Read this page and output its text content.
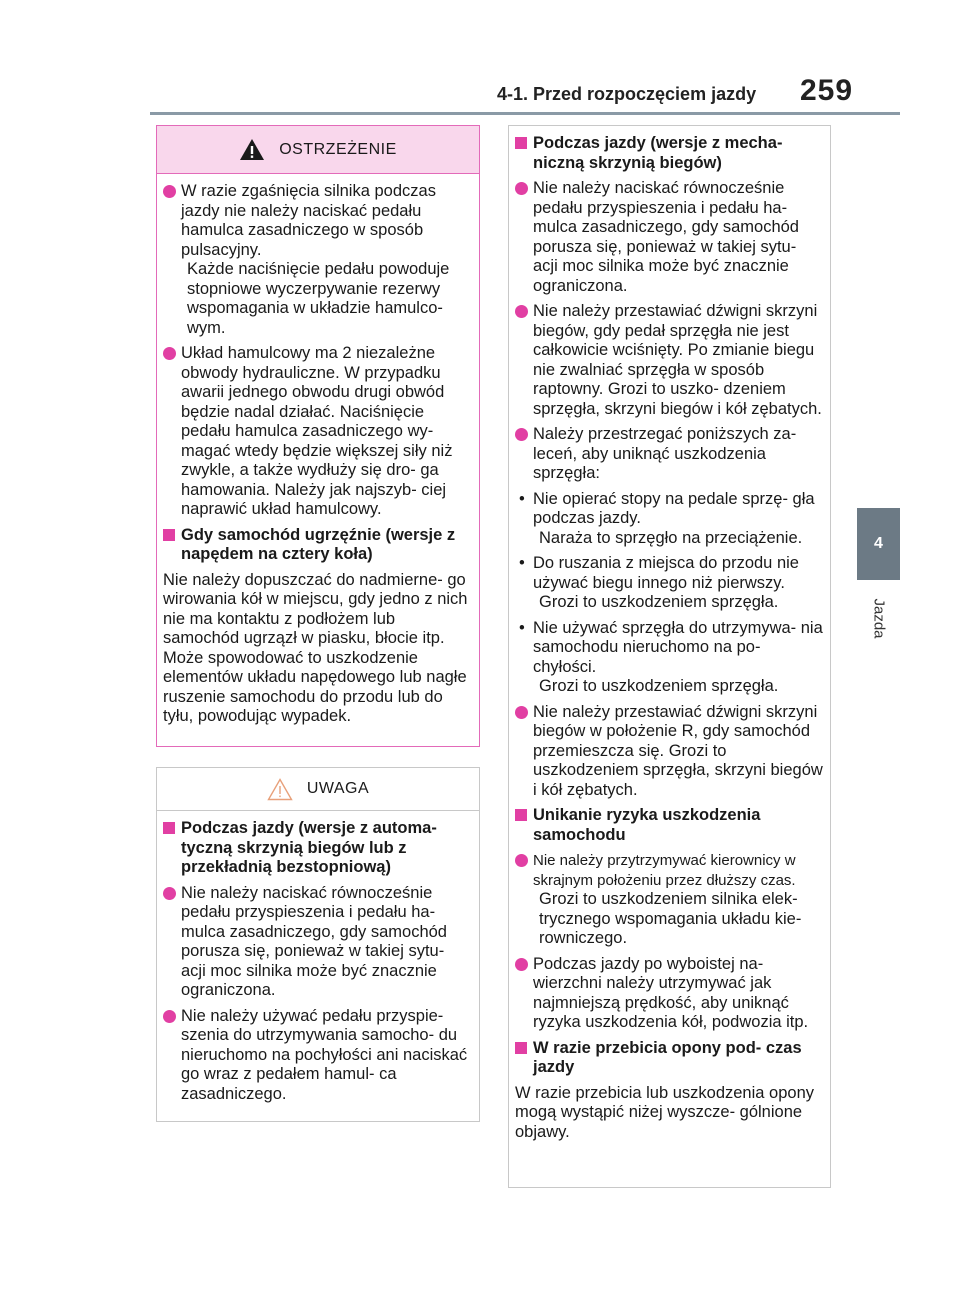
4-1. Przed rozpoczęciem jazdy 259
4
Jazda
OSTRZEŻENIE
W razie zgaśnięcia silnika podczas jazdy nie należy naciskać pedału hamulca zasadniczego w sposób pulsacyjny.
Każde naciśnięcie pedału powoduje stopniowe wyczerpywanie rezerwy wspomagania w układzie hamulco- wym.
Układ hamulcowy ma 2 niezależne obwody hydrauliczne. W przypadku awarii jednego obwodu drugi obwód będzie nadal działać. Naciśnięcie pedału hamulca zasadniczego wy- magać wtedy będzie większej siły niż zwykle, a także wydłuży się dro- ga hamowania. Należy jak najszyb- ciej naprawić układ hamulcowy.
Gdy samochód ugrzęźnie (wersje z napędem na cztery koła)
Nie należy dopuszczać do nadmierne- go wirowania kół w miejscu, gdy jedno z nich nie ma kontaktu z podłożem lub samochód ugrzązł w piasku, błocie itp. Może spowodować to uszkodzenie elementów układu napędowego lub nagłe ruszenie samochodu do przodu lub do tyłu, powodując wypadek.
UWAGA
Podczas jazdy (wersje z automa- tyczną skrzynią biegów lub z przekładnią bezstopniową)
Nie należy naciskać równocześnie pedału przyspieszenia i pedału ha- mulca zasadniczego, gdy samochód porusza się, ponieważ w takiej sytu- acji moc silnika może być znacznie ograniczona.
Nie należy używać pedału przyspie- szenia do utrzymywania samocho- du nieruchomo na pochyłości ani naciskać go wraz z pedałem hamul- ca zasadniczego.
Podczas jazdy (wersje z mecha- niczną skrzynią biegów)
Nie należy naciskać równocześnie pedału przyspieszenia i pedału ha- mulca zasadniczego, gdy samochód porusza się, ponieważ w takiej sytu- acji moc silnika może być znacznie ograniczona.
Nie należy przestawiać dźwigni skrzyni biegów, gdy pedał sprzęgła nie jest całkowicie wciśnięty. Po zmianie biegu nie zwalniać sprzęgła w sposób raptowny. Grozi to uszko- dzeniem sprzęgła, skrzyni biegów i kół zębatych.
Należy przestrzegać poniższych za- leceń, aby uniknąć uszkodzenia sprzęgła:
• Nie opierać stopy na pedale sprzę- gła podczas jazdy.
Naraża to sprzęgło na przeciążenie.
• Do ruszania z miejsca do przodu nie używać biegu innego niż pierwszy.
Grozi to uszkodzeniem sprzęgła.
• Nie używać sprzęgła do utrzymywa- nia samochodu nieruchomo na po- chyłości.
Grozi to uszkodzeniem sprzęgła.
Nie należy przestawiać dźwigni skrzyni biegów w położenie R, gdy samochód przemieszcza się. Grozi to uszkodzeniem sprzęgła, skrzyni biegów i kół zębatych.
Unikanie ryzyka uszkodzenia samochodu
Nie należy przytrzymywać kierownicy w skrajnym położeniu przez dłuższy czas.
Grozi to uszkodzeniem silnika elek- trycznego wspomagania układu kie- rowniczego.
Podczas jazdy po wyboistej na- wierzchni należy utrzymywać jak najmniejszą prędkość, aby uniknąć ryzyka uszkodzenia kół, podwozia itp.
W razie przebicia opony pod- czas jazdy
W razie przebicia lub uszkodzenia opony mogą wystąpić niżej wyszcze- gólnione objawy.
